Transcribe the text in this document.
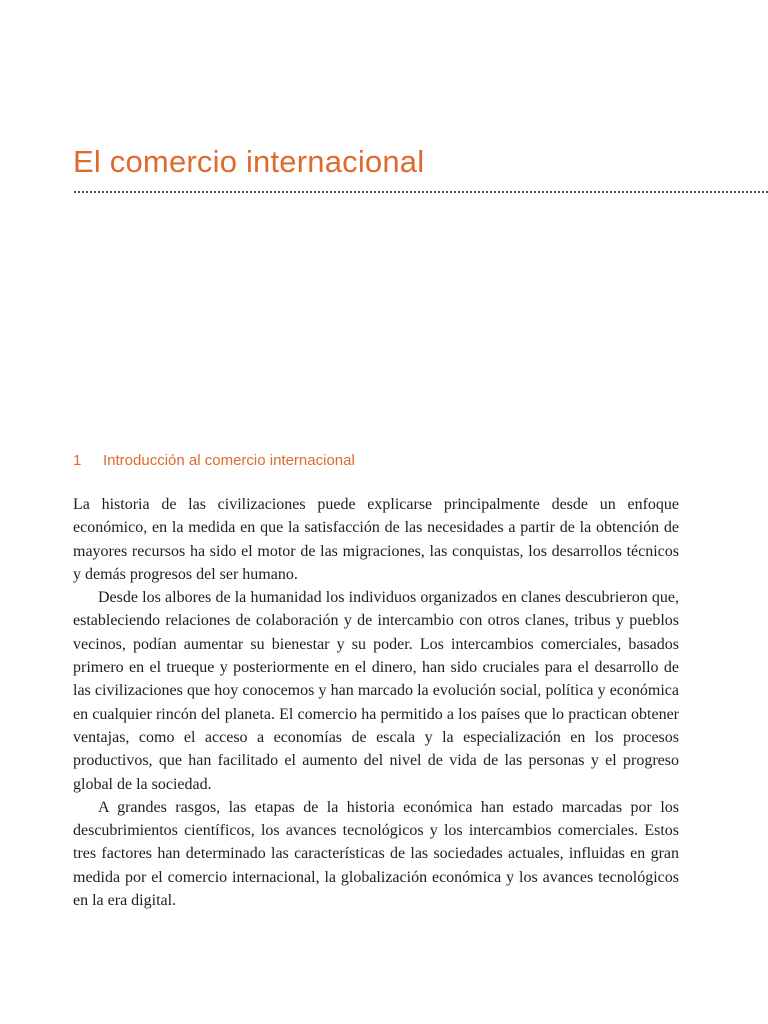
El comercio internacional
1 Introducción al comercio internacional

La historia de las civilizaciones puede explicarse principalmente desde un enfoque económico, en la medida en que la satisfacción de las necesidades a partir de la obtención de mayores recursos ha sido el motor de las migraciones, las conquistas, los desarrollos técnicos y demás progresos del ser humano.

Desde los albores de la humanidad los individuos organizados en clanes descubrieron que, estableciendo relaciones de colaboración y de intercambio con otros clanes, tribus y pueblos vecinos, podían aumentar su bienestar y su poder. Los intercambios comerciales, basados primero en el trueque y posteriormente en el dinero, han sido cruciales para el desarrollo de las civilizaciones que hoy conocemos y han marcado la evolución social, política y económica en cualquier rincón del planeta. El comercio ha permitido a los países que lo practican obtener ventajas, como el acceso a economías de escala y la especialización en los procesos productivos, que han facilitado el aumento del nivel de vida de las personas y el progreso global de la sociedad.

A grandes rasgos, las etapas de la historia económica han estado marcadas por los descubrimientos científicos, los avances tecnológicos y los intercambios comerciales. Estos tres factores han determinado las características de las sociedades actuales, influidas en gran medida por el comercio internacional, la globalización económica y los avances tecnológicos en la era digital.
